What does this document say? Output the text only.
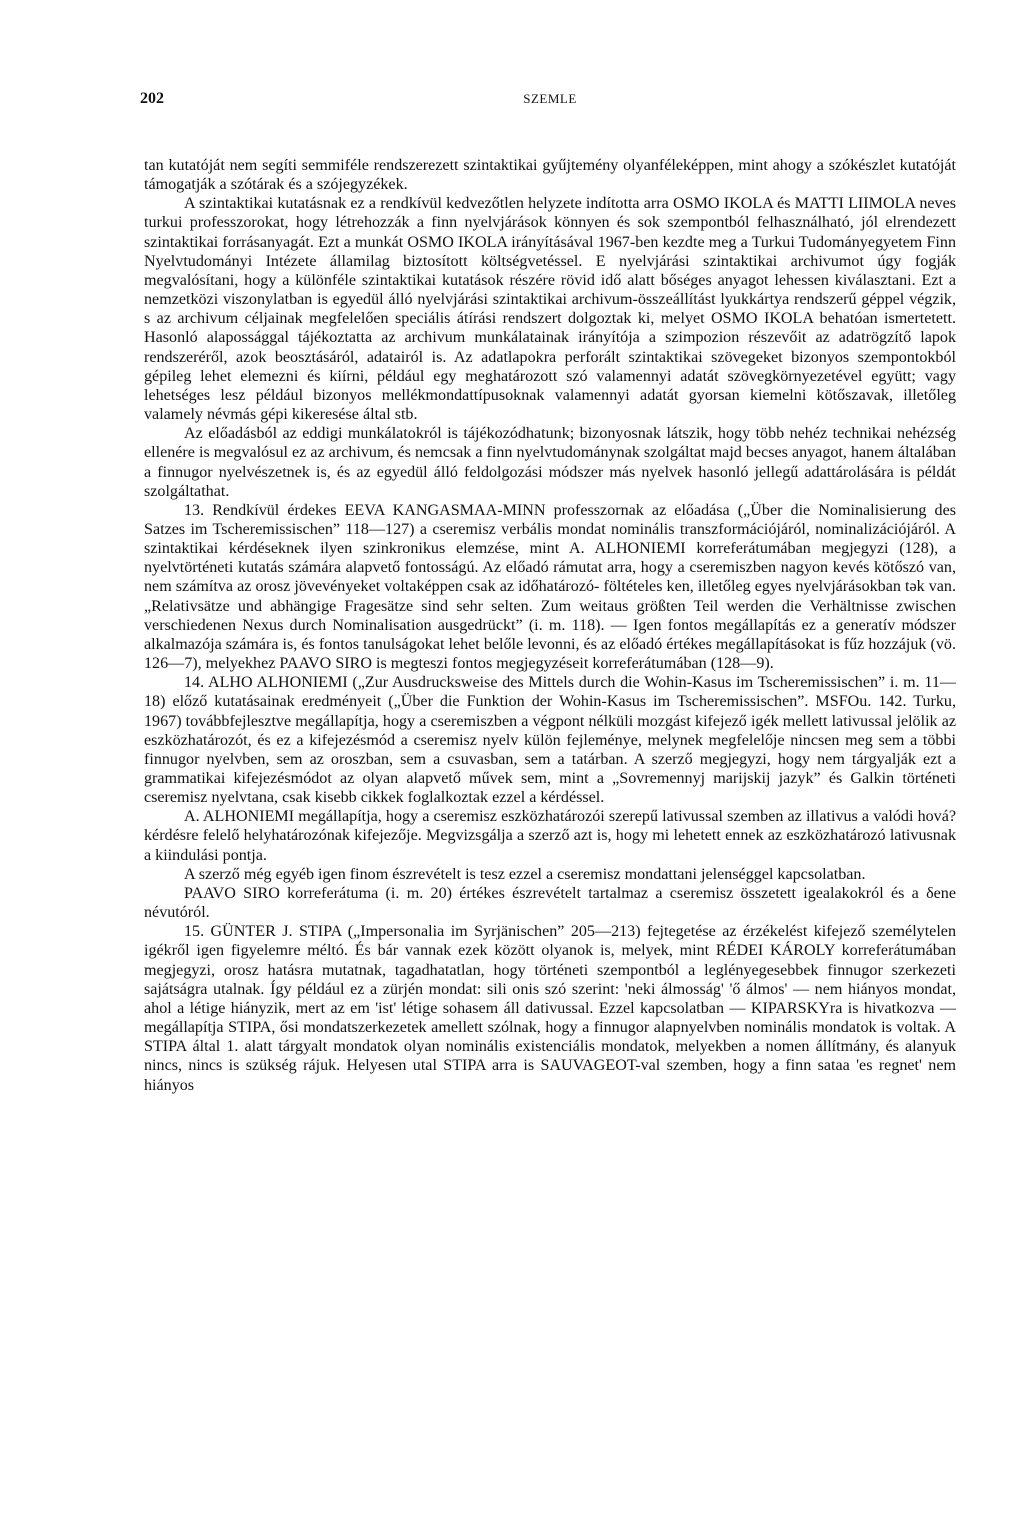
202	SZEMLE

tan kutatóját nem segíti semmiféle rendszerezett szintaktikai gyűjtemény olyanféleképpen, mint ahogy a szókészlet kutatóját támogatják a szótárak és a szójegyzékek.

A szintaktikai kutatásnak ez a rendkívül kedvezőtlen helyzete indította arra OSMO IKOLA és MATTI LIIMOLA neves turkui professzorokat, hogy létrehozzák a finn nyelvjárások könnyen és sok szempontból felhasználható, jól elrendezett szintaktikai forrásanyagát. Ezt a munkát OSMO IKOLA irányításával 1967-ben kezdte meg a Turkui Tudományegyetem Finn Nyelvtudományi Intézete államilag biztosított költségvetéssel. E nyelvjárási szintaktikai archivumot úgy fogják megvalósítani, hogy a különféle szintaktikai kutatások részére rövid idő alatt bőséges anyagot lehessen kiválasztani. Ezt a nemzetközi viszonylatban is egyedül álló nyelvjárási szintaktikai archivum-összeállítást lyukkártya rendszerű géppel végzik, s az archivum céljainak megfelelően speciális átírási rendszert dolgoztak ki, melyet OSMO IKOLA behatóan ismertetett. Hasonló alapossággal tájékoztatta az archivum munkálatainak irányítója a szimpozion részevőit az adatrögzítő lapok rendszeréről, azok beosztásáról, adatairól is. Az adatlapokra perforált szintaktikai szövegeket bizonyos szempontokból gépileg lehet elemezni és kiírni, például egy meghatározott szó valamennyi adatát szövegkörnyezetével együtt; vagy lehetséges lesz például bizonyos mellékmondattípusoknak valamennyi adatát gyorsan kiemelni kötőszavak, illetőleg valamely névmás gépi kikeresése által stb.

Az előadásból az eddigi munkálatokról is tájékozódhatunk; bizonyosnak látszik, hogy több nehéz technikai nehézség ellenére is megvalósul ez az archivum, és nemcsak a finn nyelvtudománynak szolgáltat majd becses anyagot, hanem általában a finnugor nyelvészetnek is, és az egyedül álló feldolgozási módszer más nyelvek hasonló jellegű adattárolására is példát szolgáltathat.

13. Rendkívül érdekes EEVA KANGASMAA-MINN professzornak az előadása („Über die Nominalisierung des Satzes im Tscheremissischen” 118—127) a cseremisz verbális mondat nominális transzformációjáról, nominalizációjáról. A szintaktikai kérdéseknek ilyen szinkronikus elemzése, mint A. ALHONIEMI korreferátumában megjegyzi (128), a nyelvtörténeti kutatás számára alapvető fontosságú. Az előadó rámutat arra, hogy a cseremiszben nagyon kevés kötőszó van, nem számítva az orosz jövevényeket voltaképpen csak az időhatározó- föltételes ken, illetőleg egyes nyelvjárásokban tәk van. „Relativsätze und abhängige Fragesätze sind sehr selten. Zum weitaus größten Teil werden die Verhältnisse zwischen verschiedenen Nexus durch Nominalisation ausgedrückt” (i. m. 118). — Igen fontos megállapítás ez a generatív módszer alkalmazója számára is, és fontos tanulságokat lehet belőle levonni, és az előadó értékes megállapításokat is fűz hozzájuk (vö. 126—7), melyekhez PAAVO SIRO is megteszi fontos megjegyzéseit korreferátumában (128—9).

14. ALHO ALHONIEMI („Zur Ausdrucksweise des Mittels durch die Wohin-Kasus im Tscheremissischen” i. m. 11—18) előző kutatásainak eredményeit („Über die Funktion der Wohin-Kasus im Tscheremissischen”. MSFOu. 142. Turku, 1967) továbbfejlesztve megállapítja, hogy a cseremiszben a végpont nélküli mozgást kifejező igék mellett lativussal jelölik az eszközhatározót, és ez a kifejezésmód a cseremisz nyelv külön fejleménye, melynek megfelelője nincsen meg sem a többi finnugor nyelvben, sem az oroszban, sem a csuvasban, sem a tatárban. A szerző megjegyzi, hogy nem tárgyalják ezt a grammatikai kifejezésmódot az olyan alapvető művek sem, mint a „Sovremennyj marijskij jazyk” és Galkin történeti cseremisz nyelvtana, csak kisebb cikkek foglalkoztak ezzel a kérdéssel.

A. ALHONIEMI megállapítja, hogy a cseremisz eszközhatározói szerepű lativussal szemben az illativus a valódi hová? kérdésre felelő helyhatározónak kifejezője. Megvizsgálja a szerző azt is, hogy mi lehetett ennek az eszközhatározó lativusnak a kiindulási pontja.

A szerző még egyéb igen finom észrevételt is tesz ezzel a cseremisz mondattani jelenséggel kapcsolatban.

PAAVO SIRO korreferátuma (i. m. 20) értékes észrevételt tartalmaz a cseremisz összetett igealakokról és a δene névutóról.

15. GÜNTER J. STIPA („Impersonalia im Syrjänischen” 205—213) fejtegetése az érzékelést kifejező személytelen igékről igen figyelemre méltó. És bár vannak ezek között olyanok is, melyek, mint RÉDEI KÁROLY korreferátumában megjegyzi, orosz hatásra mutatnak, tagadhatatlan, hogy történeti szempontból a leglényegesebbek finnugor szerkezeti sajátságra utalnak. Így például ez a zürjén mondat: sili onis szó szerint: 'neki álmosság' 'ő álmos' — nem hiányos mondat, ahol a létige hiányzik, mert az em 'ist' létige sohasem áll dativussal. Ezzel kapcsolatban — KIPARSKYra is hivatkozva — megállapítja STIPA, ősi mondatszerkezetek amellett szólnak, hogy a finnugor alapnyelvben nominális mondatok is voltak. A STIPA által 1. alatt tárgyalt mondatok olyan nominális existenciális mondatok, melyekben a nomen állítmány, és alanyuk nincs, nincs is szükség rájuk. Helyesen utal STIPA arra is SAUVAGEOT-val szemben, hogy a finn sataa 'es regnet' nem hiányos
